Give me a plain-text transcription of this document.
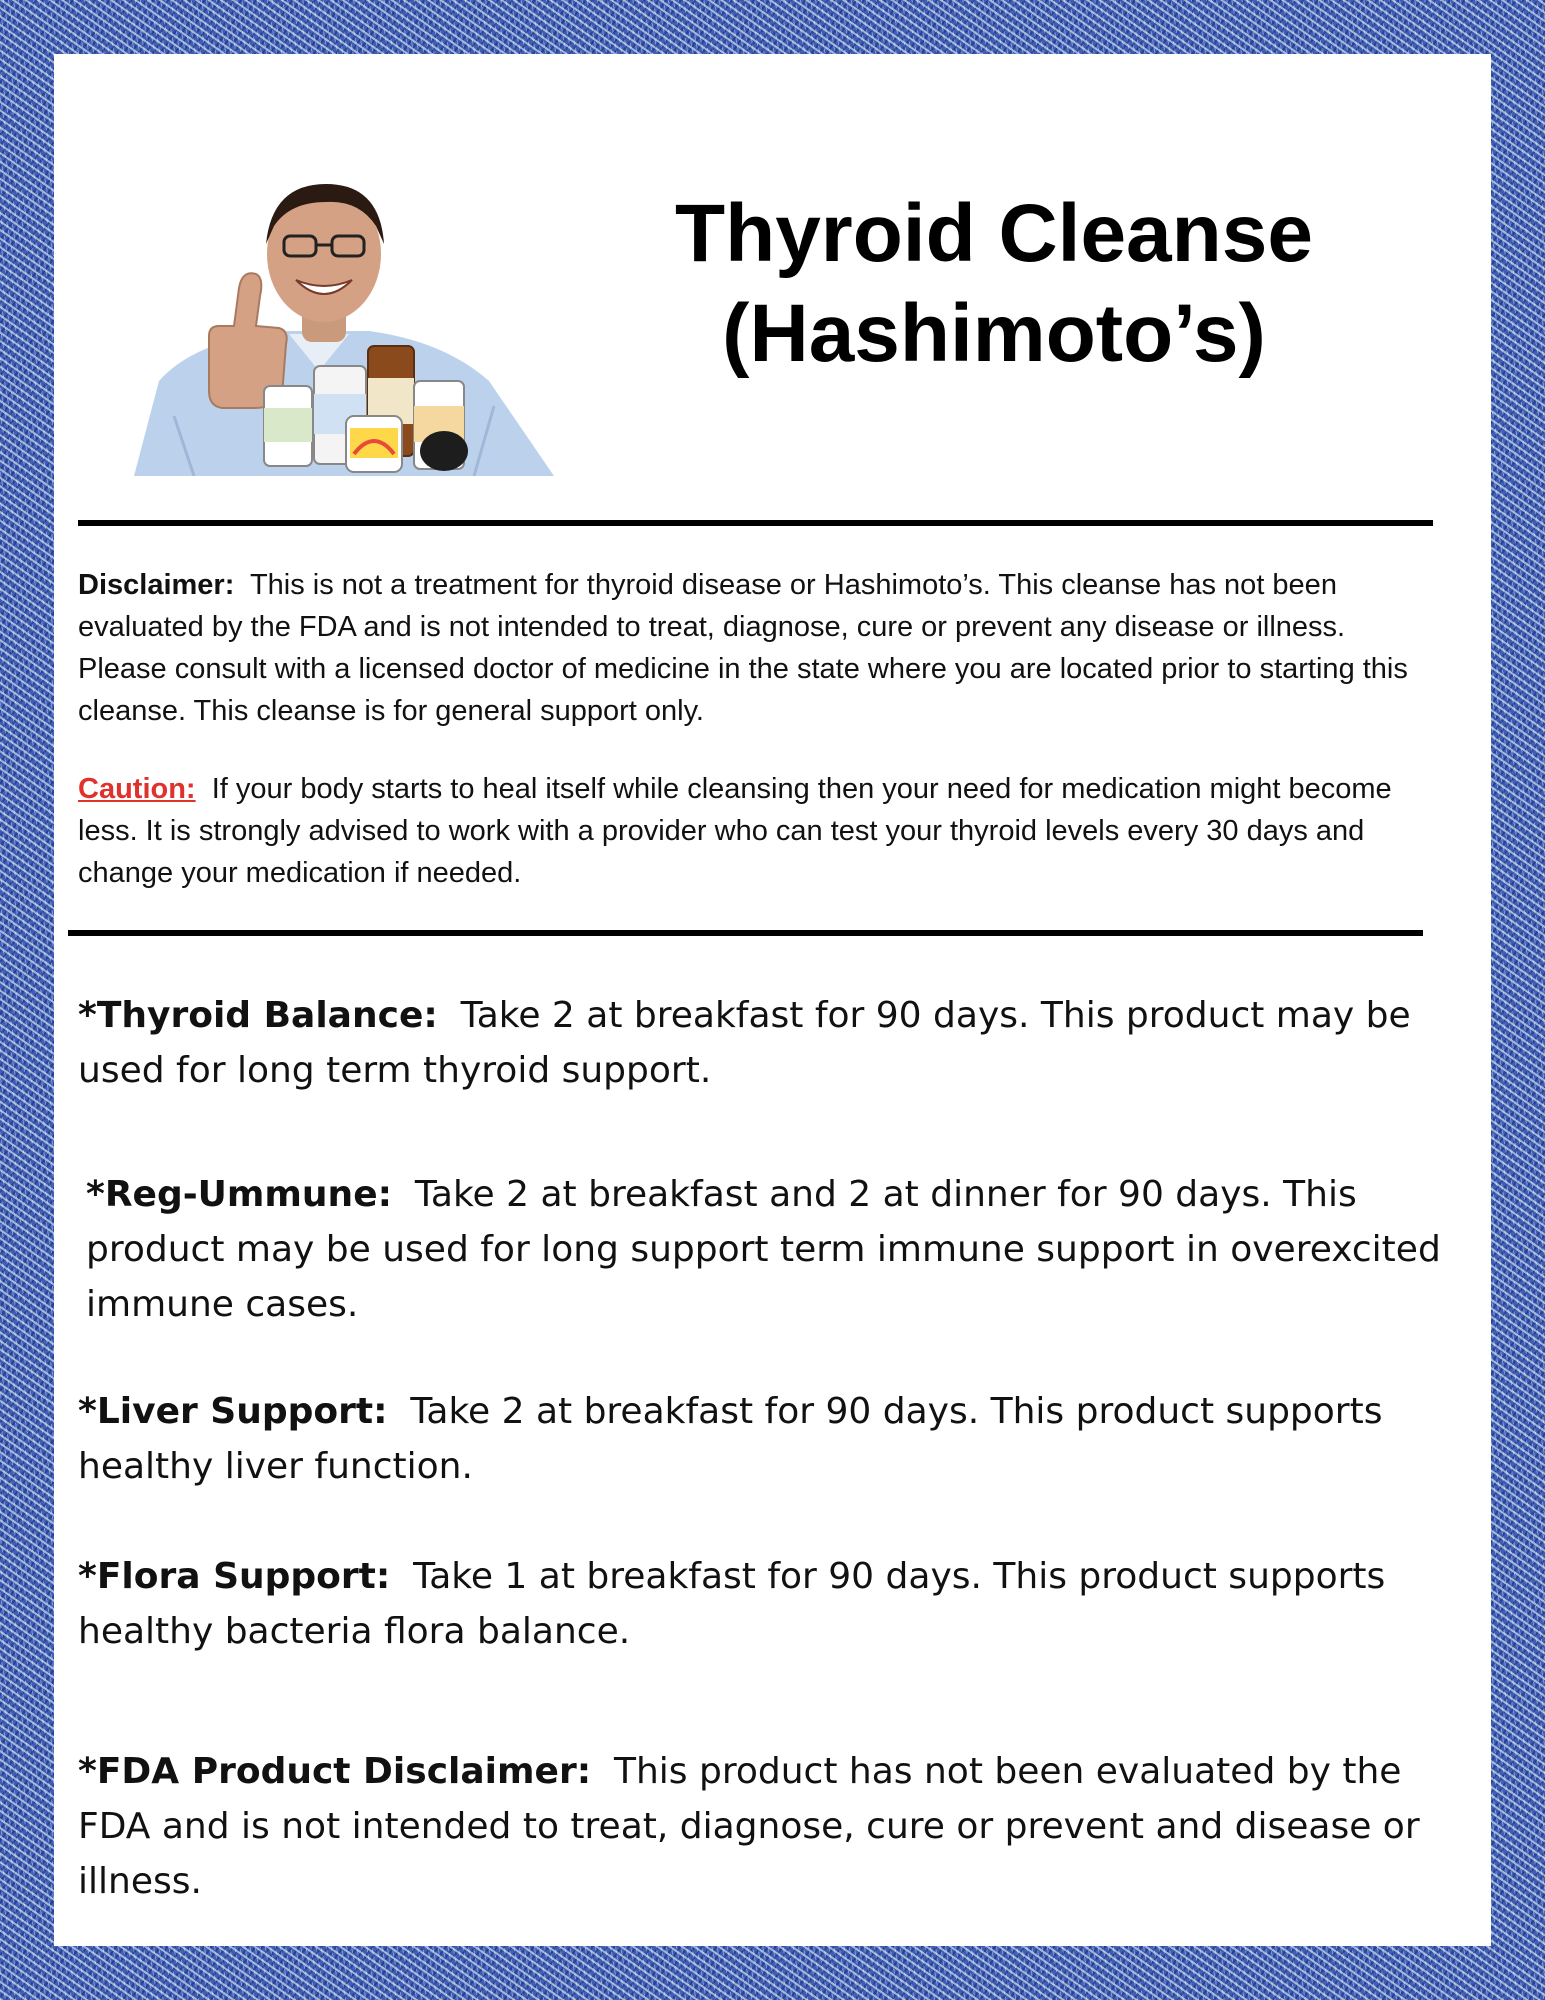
Thyroid Cleanse
(Hashimoto’s)

Disclaimer: This is not a treatment for thyroid disease or Hashimoto’s. This cleanse has not been evaluated by the FDA and is not intended to treat, diagnose, cure or prevent any disease or illness. Please consult with a licensed doctor of medicine in the state where you are located prior to starting this cleanse. This cleanse is for general support only.

Caution: If your body starts to heal itself while cleansing then your need for medication might become less. It is strongly advised to work with a provider who can test your thyroid levels every 30 days and change your medication if needed.

*Thyroid Balance: Take 2 at breakfast for 90 days. This product may be used for long term thyroid support.

*Reg-Ummune: Take 2 at breakfast and 2 at dinner for 90 days. This product may be used for long support term immune support in overexcited immune cases.

*Liver Support: Take 2 at breakfast for 90 days. This product supports healthy liver function.

*Flora Support: Take 1 at breakfast for 90 days. This product supports healthy bacteria flora balance.

*FDA Product Disclaimer: This product has not been evaluated by the FDA and is not intended to treat, diagnose, cure or prevent and disease or illness.
